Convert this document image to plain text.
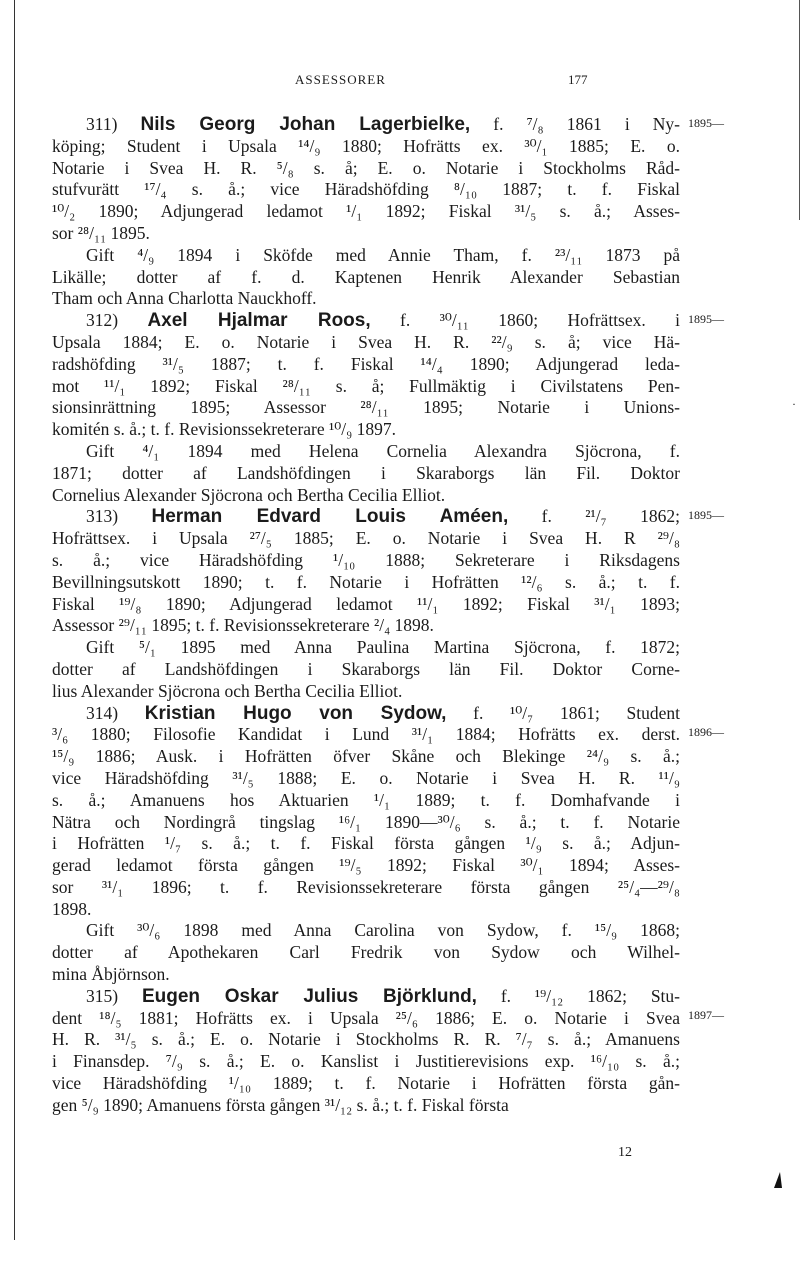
ASSESSORER	177
311) Nils Georg Johan Lagerbielke, f. ⁷/₈ 1861 i Ny-
köping; Student i Upsala ¹⁴/₉ 1880; Hofrätts ex. ³⁰/₁ 1885; E. o.
Notarie i Svea H. R. ⁵/₈ s. å; E. o. Notarie i Stockholms Råd-
stufvurätt ¹⁷/₄ s. å.; vice Häradshöfding ⁸/₁₀ 1887; t. f. Fiskal
¹⁰/₂ 1890; Adjungerad ledamot ¹/₁ 1892; Fiskal ³¹/₅ s. å.; Asses-
sor ²⁸/₁₁ 1895.
Gift ⁴/₉ 1894 i Sköfde med Annie Tham, f. ²³/₁₁ 1873 på
Likälle; dotter af f. d. Kaptenen Henrik Alexander Sebastian
Tham och Anna Charlotta Nauckhoff.
312) Axel Hjalmar Roos, f. ³⁰/₁₁ 1860; Hofrättsex. i
Upsala 1884; E. o. Notarie i Svea H. R. ²²/₉ s. å; vice Hä-
radshöfding ³¹/₅ 1887; t. f. Fiskal ¹⁴/₄ 1890; Adjungerad leda-
mot ¹¹/₁ 1892; Fiskal ²⁸/₁₁ s. å; Fullmäktig i Civilstatens Pen-
sionsinrättning 1895; Assessor ²⁸/₁₁ 1895; Notarie i Unions-
komitén s. å.; t. f. Revisionssekreterare ¹⁰/₉ 1897.
Gift ⁴/₁ 1894 med Helena Cornelia Alexandra Sjöcrona, f.
1871; dotter af Landshöfdingen i Skaraborgs län Fil. Doktor
Cornelius Alexander Sjöcrona och Bertha Cecilia Elliot.
313) Herman Edvard Louis Améen, f. ²¹/₇ 1862;
Hofrättsex. i Upsala ²⁷/₅ 1885; E. o. Notarie i Svea H. R ²⁹/₈
s. å.; vice Häradshöfding ¹/₁₀ 1888; Sekreterare i Riksdagens
Bevillningsutskott 1890; t. f. Notarie i Hofrätten ¹²/₆ s. å.; t. f.
Fiskal ¹⁹/₈ 1890; Adjungerad ledamot ¹¹/₁ 1892; Fiskal ³¹/₁ 1893;
Assessor ²⁹/₁₁ 1895; t. f. Revisionssekreterare ²/₄ 1898.
Gift ⁵/₁ 1895 med Anna Paulina Martina Sjöcrona, f. 1872;
dotter af Landshöfdingen i Skaraborgs län Fil. Doktor Corne-
lius Alexander Sjöcrona och Bertha Cecilia Elliot.
314) Kristian Hugo von Sydow, f. ¹⁰/₇ 1861; Student
³/₆ 1880; Filosofie Kandidat i Lund ³¹/₁ 1884; Hofrätts ex. derst.
¹⁵/₉ 1886; Ausk. i Hofrätten öfver Skåne och Blekinge ²⁴/₉ s. å.;
vice Häradshöfding ³¹/₅ 1888; E. o. Notarie i Svea H. R. ¹¹/₉
s. å.; Amanuens hos Aktuarien ¹/₁ 1889; t. f. Domhafvande i
Nätra och Nordingrå tingslag ¹⁶/₁ 1890—³⁰/₆ s. å.; t. f. Notarie
i Hofrätten ¹/₇ s. å.; t. f. Fiskal första gången ¹/₉ s. å.; Adjun-
gerad ledamot första gången ¹⁹/₅ 1892; Fiskal ³⁰/₁ 1894; Asses-
sor ³¹/₁ 1896; t. f. Revisionssekreterare första gången ²⁵/₄—²⁹/₈
1898.
Gift ³⁰/₆ 1898 med Anna Carolina von Sydow, f. ¹⁵/₉ 1868;
dotter af Apothekaren Carl Fredrik von Sydow och Wilhel-
mina Åbjörnson.
315) Eugen Oskar Julius Björklund, f. ¹⁹/₁₂ 1862; Stu-
dent ¹⁸/₅ 1881; Hofrätts ex. i Upsala ²⁵/₆ 1886; E. o. Notarie i Svea
H. R. ³¹/₅ s. å.; E. o. Notarie i Stockholms R. R. ⁷/₇ s. å.; Amanuens
i Finansdep. ⁷/₉ s. å.; E. o. Kanslist i Justitierevisions exp. ¹⁶/₁₀ s. å.;
vice Häradshöfding ¹/₁₀ 1889; t. f. Notarie i Hofrätten första gån-
gen ⁵/₉ 1890; Amanuens första gången ³¹/₁₂ s. å.; t. f. Fiskal första
1895—
1895—
1895—
1896—
1897—
12
·
